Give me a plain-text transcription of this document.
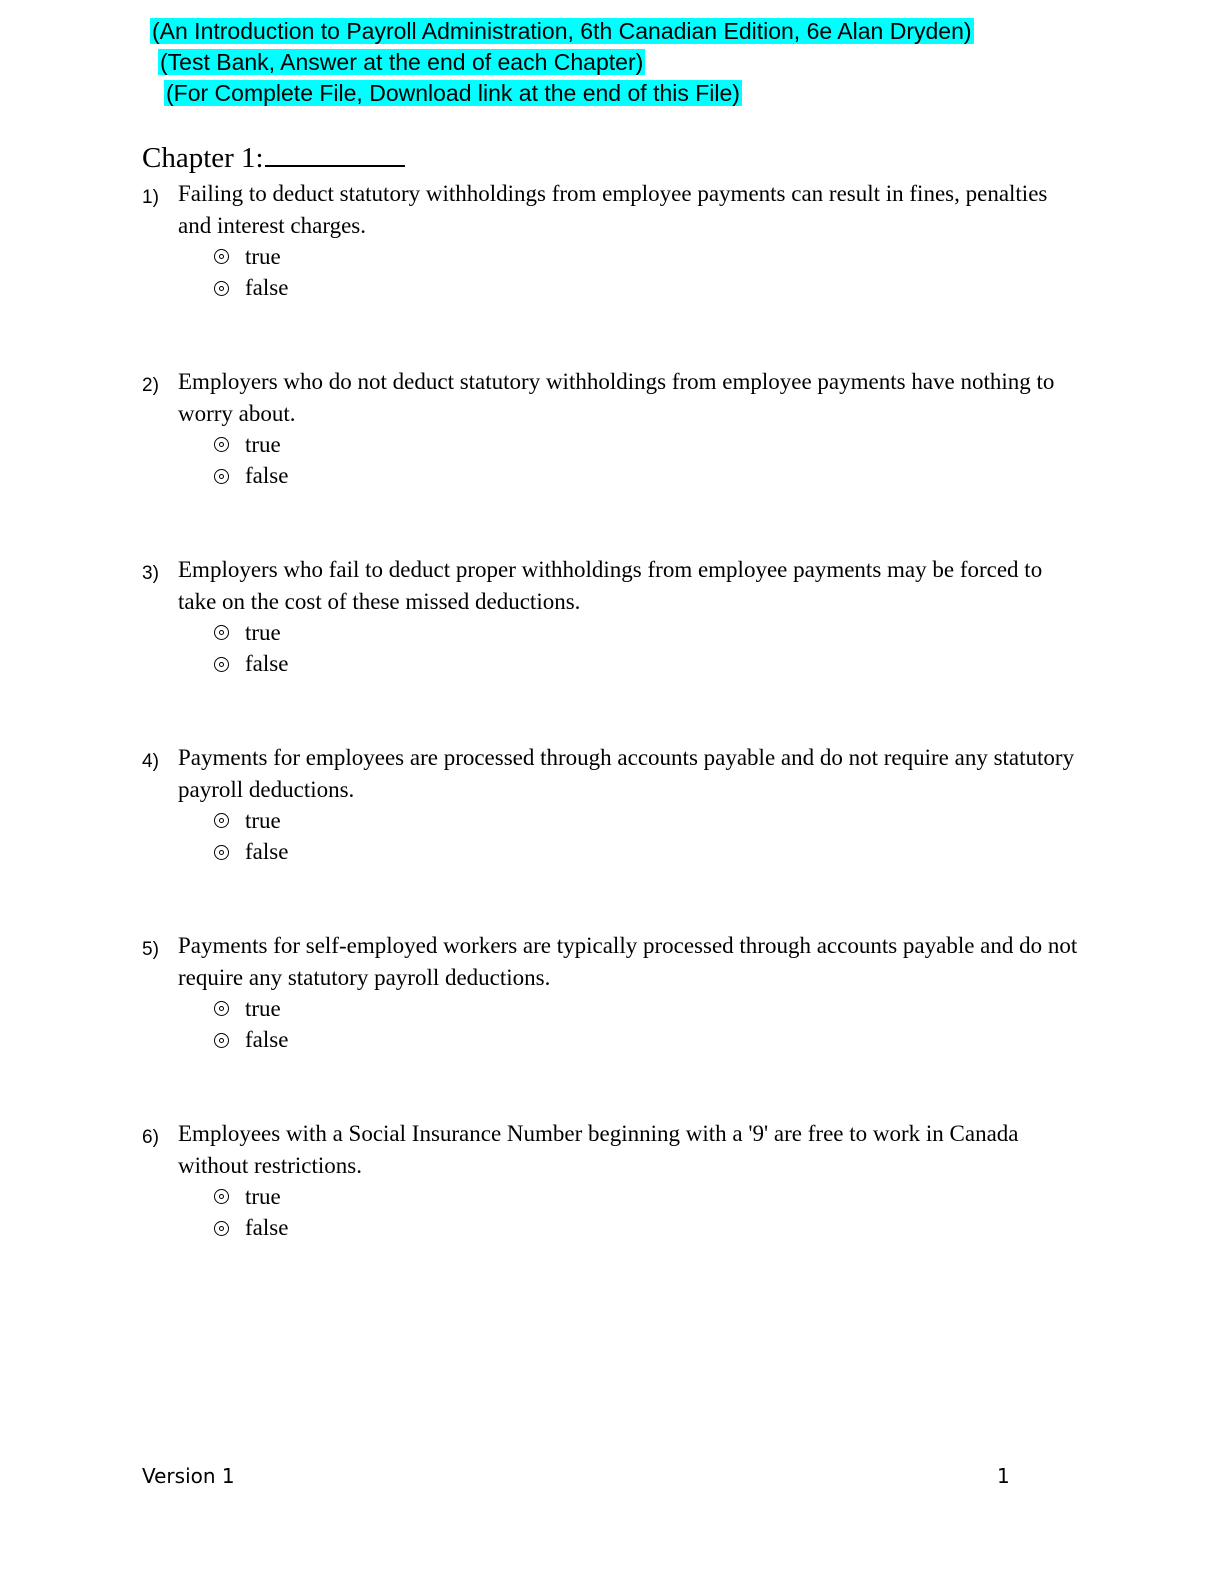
(An Introduction to Payroll Administration, 6th Canadian Edition, 6e Alan Dryden)
(Test Bank, Answer at the end of each Chapter)
(For Complete File, Download link at the end of this File)
Chapter 1:
1) Failing to deduct statutory withholdings from employee payments can result in fines, penalties and interest charges.
true
false
2) Employers who do not deduct statutory withholdings from employee payments have nothing to worry about.
true
false
3) Employers who fail to deduct proper withholdings from employee payments may be forced to take on the cost of these missed deductions.
true
false
4) Payments for employees are processed through accounts payable and do not require any statutory payroll deductions.
true
false
5) Payments for self-employed workers are typically processed through accounts payable and do not require any statutory payroll deductions.
true
false
6) Employees with a Social Insurance Number beginning with a '9' are free to work in Canada without restrictions.
true
false
Version 1	1
